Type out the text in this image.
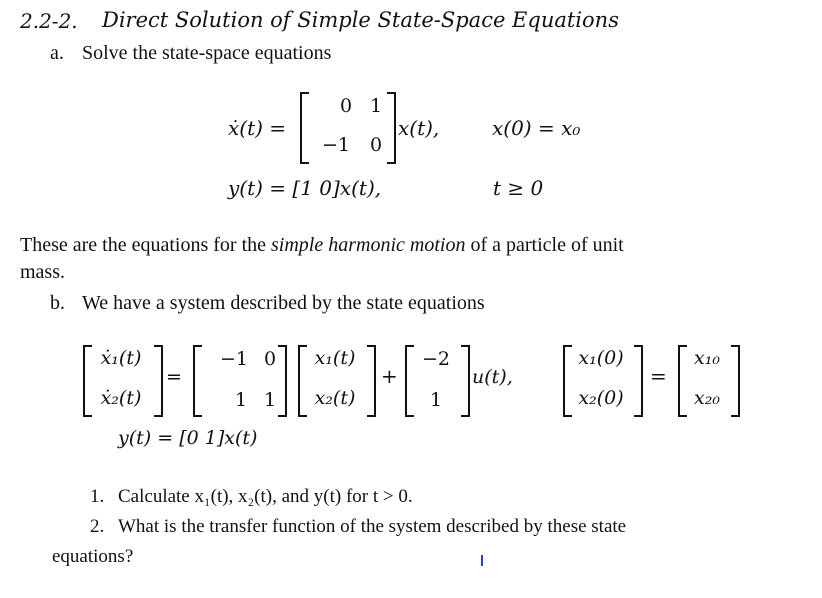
2.2-2. Direct Solution of Simple State-Space Equations
a. Solve the state-space equations
ẋ(t) =
0 1
−1	0
x(t),	x(0) = x₀
y(t) = [1 0]x(t),	t ≥ 0
These are the equations for the simple harmonic motion of a particle of unit
mass.
b. We have a system described by the state equations
ẋ₁(t)
ẋ₂(t)
=
−1 0
1 1
x₁(t)
x₂(t)
+
−2
1
u(t),
x₁(0)
x₂(0)
=
x₁₀
x₂₀
y(t) = [0 1]x(t)
1. Calculate x₁(t), x₂(t), and y(t) for t > 0.
2. What is the transfer function of the system described by these state
equations?
